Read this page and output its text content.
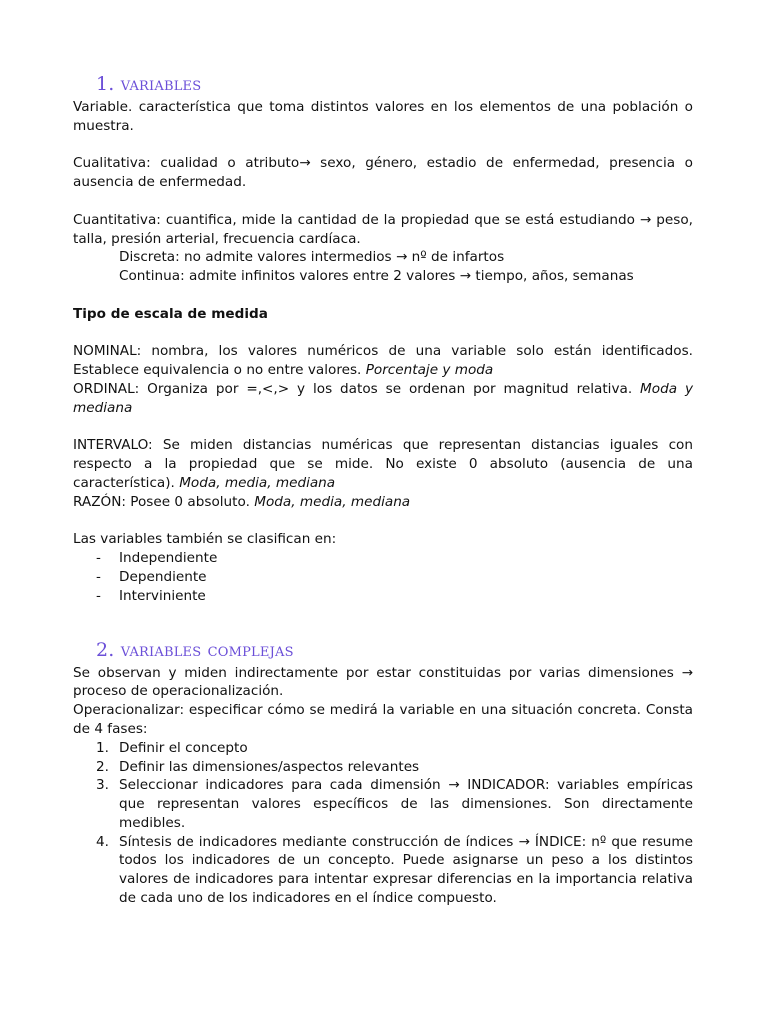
1. variables

Variable. característica que toma distintos valores en los elementos de una población o muestra.

Cualitativa: cualidad o atributo→ sexo, género, estadio de enfermedad, presencia o ausencia de enfermedad.

Cuantitativa: cuantifica, mide la cantidad de la propiedad que se está estudiando → peso, talla, presión arterial, frecuencia cardíaca.

Discreta: no admite valores intermedios → nº de infartos

Continua: admite infinitos valores entre 2 valores → tiempo, años, semanas

Tipo de escala de medida

NOMINAL: nombra, los valores numéricos de una variable solo están identificados. Establece equivalencia o no entre valores. Porcentaje y moda

ORDINAL: Organiza por =,<,> y los datos se ordenan por magnitud relativa. Moda y mediana

INTERVALO: Se miden distancias numéricas que representan distancias iguales con respecto a la propiedad que se mide. No existe 0 absoluto (ausencia de una característica). Moda, media, mediana

RAZÓN: Posee 0 absoluto. Moda, media, mediana

Las variables también se clasifican en:

- Independiente
- Dependiente
- Interviniente
2. variables complejas

Se observan y miden indirectamente por estar constituidas por varias dimensiones → proceso de operacionalización.

Operacionalizar: especificar cómo se medirá la variable en una situación concreta. Consta de 4 fases:

1. Definir el concepto
2. Definir las dimensiones/aspectos relevantes
3. Seleccionar indicadores para cada dimensión → INDICADOR: variables empíricas que representan valores específicos de las dimensiones. Son directamente medibles.
4. Síntesis de indicadores mediante construcción de índices → ÍNDICE: nº que resume todos los indicadores de un concepto. Puede asignarse un peso a los distintos valores de indicadores para intentar expresar diferencias en la importancia relativa de cada uno de los indicadores en el índice compuesto.
